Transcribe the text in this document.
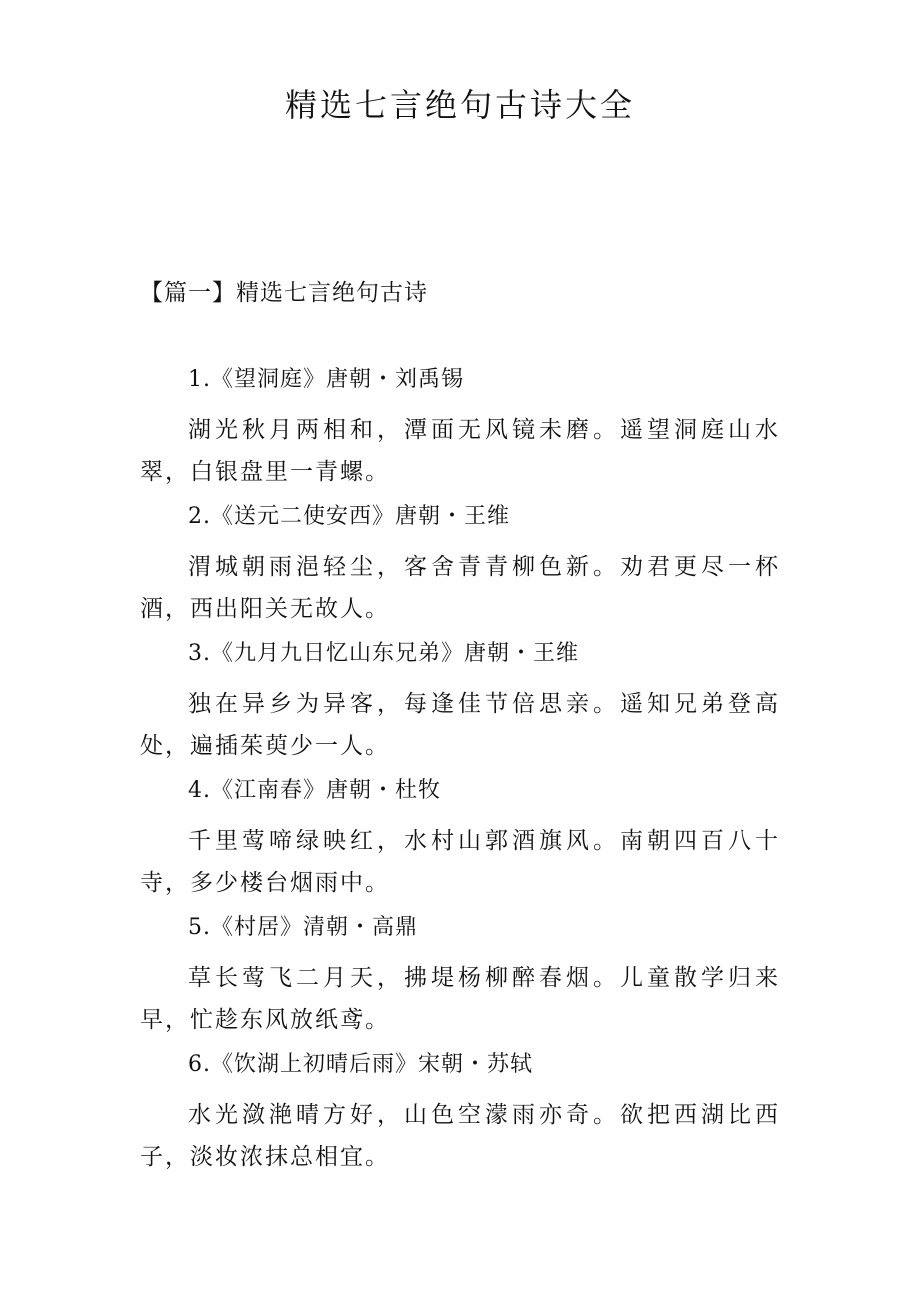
精选七言绝句古诗大全
【篇一】精选七言绝句古诗
1.《望洞庭》唐朝・刘禹锡

湖光秋月两相和，潭面无风镜未磨。遥望洞庭山水翠，白银盘里一青螺。

2.《送元二使安西》唐朝・王维

渭城朝雨浥轻尘，客舍青青柳色新。劝君更尽一杯酒，西出阳关无故人。

3.《九月九日忆山东兄弟》唐朝・王维

独在异乡为异客，每逢佳节倍思亲。遥知兄弟登高处，遍插茱萸少一人。

4.《江南春》唐朝・杜牧

千里莺啼绿映红，水村山郭酒旗风。南朝四百八十寺，多少楼台烟雨中。

5.《村居》清朝・高鼎

草长莺飞二月天，拂堤杨柳醉春烟。儿童散学归来早，忙趁东风放纸鸢。

6.《饮湖上初晴后雨》宋朝・苏轼

水光潋滟晴方好，山色空濛雨亦奇。欲把西湖比西子，淡妆浓抹总相宜。
